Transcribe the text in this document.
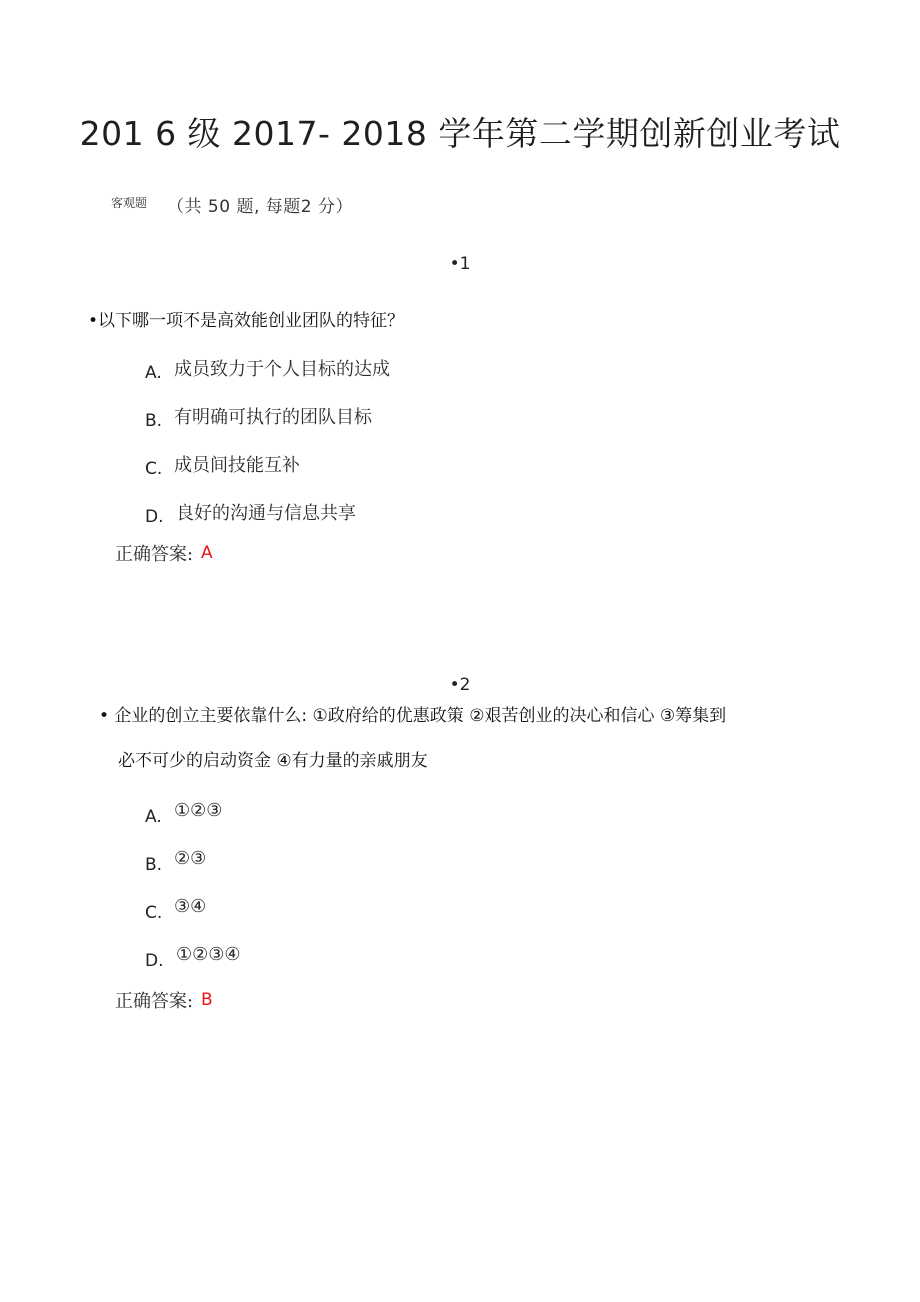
201 6 级 2017- 2018 学年第二学期创新创业考试
客观题 （共 50 题, 每题2 分）
•1
•以下哪一项不是高效能创业团队的特征？
A. 成员致力于个人目标的达成
B. 有明确可执行的团队目标
C. 成员间技能互补
D. 良好的沟通与信息共享
正确答案: A
•2
• 企业的创立主要依靠什么: ①政府给的优惠政策 ②艰苦创业的决心和信心 ③筹集到
必不可少的启动资金 ④有力量的亲戚朋友
A. ①②③
B. ②③
C. ③④
D. ①②③④
正确答案: B
